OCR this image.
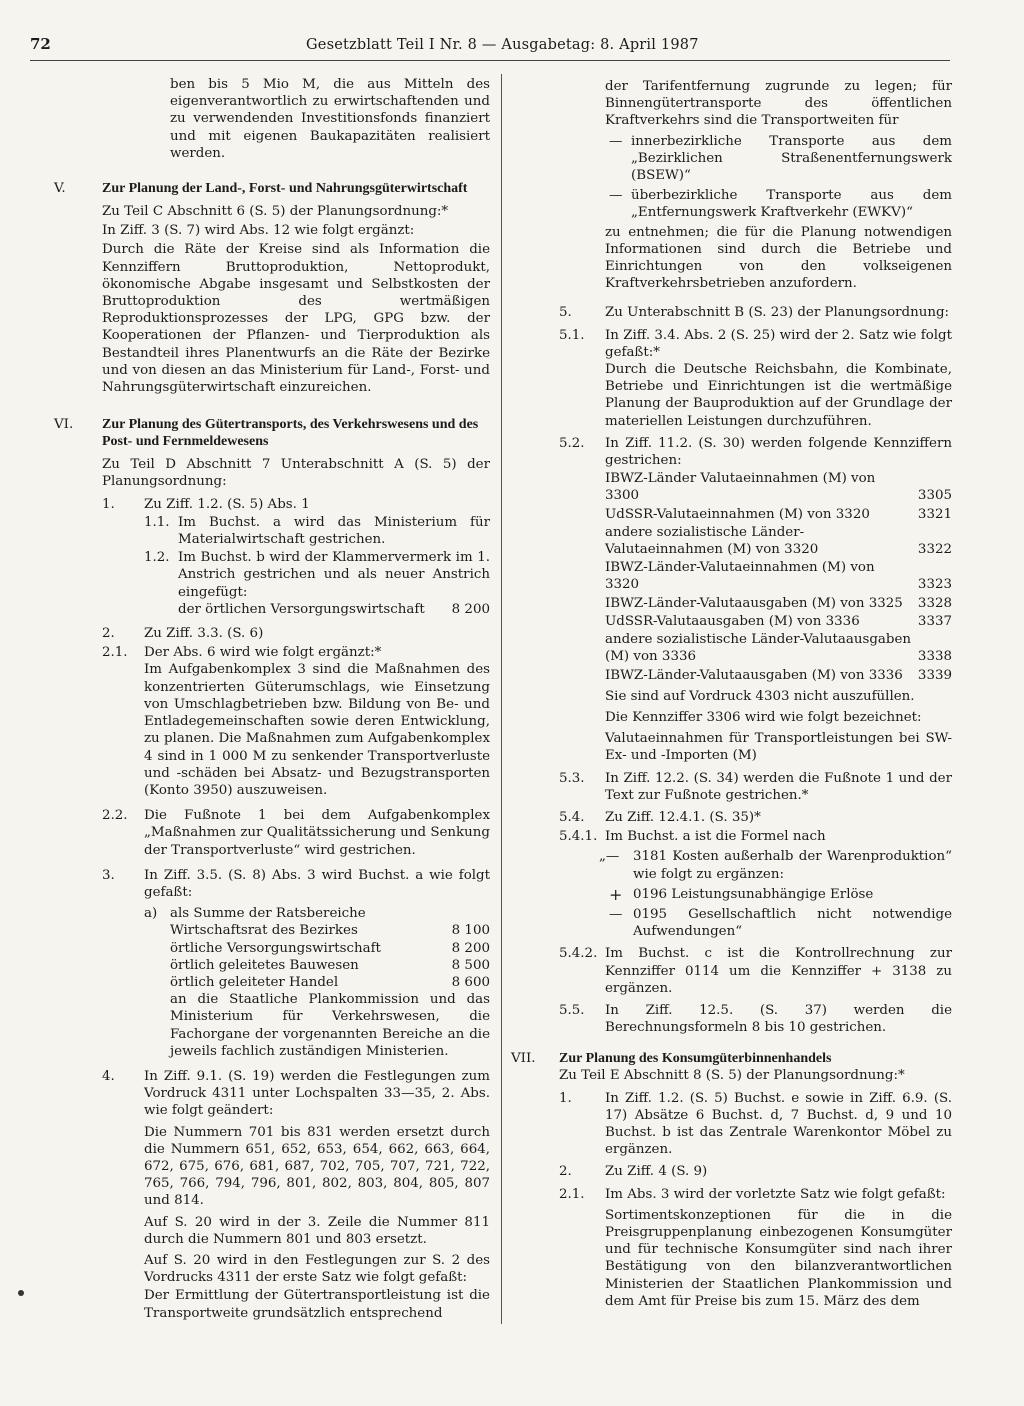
72	Gesetzblatt Teil I Nr. 8 — Ausgabetag: 8. April 1987

ben bis 5 Mio M, die aus Mitteln des eigenverantwortlich zu erwirtschaftenden und zu verwendenden Investitionsfonds finanziert und mit eigenen Baukapazitäten realisiert werden.

V.	Zur Planung der Land-, Forst- und Nahrungsgüterwirtschaft

Zu Teil C Abschnitt 6 (S. 5) der Planungsordnung:*

In Ziff. 3 (S. 7) wird Abs. 12 wie folgt ergänzt:

Durch die Räte der Kreise sind als Information die Kennziffern Bruttoproduktion, Nettoprodukt, ökonomische Abgabe insgesamt und Selbstkosten der Bruttoproduktion des wertmäßigen Reproduktionsprozesses der LPG, GPG bzw. der Kooperationen der Pflanzen- und Tierproduktion als Bestandteil ihres Planentwurfs an die Räte der Bezirke und von diesen an das Ministerium für Land-, Forst- und Nahrungsgüterwirtschaft einzureichen.

VI. Zur Planung des Gütertransports, des Verkehrswesens und des Post- und Fernmeldewesens

Zu Teil D Abschnitt 7 Unterabschnitt A (S. 5) der Planungsordnung:

1. Zu Ziff. 1.2. (S. 5) Abs. 1

1.1. Im Buchst. a wird das Ministerium für Materialwirtschaft gestrichen.

1.2. Im Buchst. b wird der Klammervermerk im 1. Anstrich gestrichen und als neuer Anstrich eingefügt:

der örtlichen Versorgungswirtschaft	8 200
2. Zu Ziff. 3.3. (S. 6)

2.1. Der Abs. 6 wird wie folgt ergänzt:*

Im Aufgabenkomplex 3 sind die Maßnahmen des konzentrierten Güterumschlags, wie Einsetzung von Umschlagbetrieben bzw. Bildung von Be- und Entladegemeinschaften sowie deren Entwicklung, zu planen. Die Maßnahmen zum Aufgabenkomplex 4 sind in 1 000 M zu senkender Transportverluste und -schäden bei Absatz- und Bezugstransporten (Konto 3950) auszuweisen.

2.2. Die Fußnote 1 bei dem Aufgabenkomplex „Maßnahmen zur Qualitätssicherung und Senkung der Transportverluste“ wird gestrichen.

3. In Ziff. 3.5. (S. 8) Abs. 3 wird Buchst. a wie folgt gefaßt:

a) als Summe der Ratsbereiche

Wirtschaftsrat des Bezirkes	8 100
örtliche Versorgungswirtschaft	8 200
örtlich geleitetes Bauwesen	8 500
örtlich geleiteter Handel	8 600

an die Staatliche Plankommission und das Ministerium für Verkehrswesen, die Fachorgane der vorgenannten Bereiche an die jeweils fachlich zuständigen Ministerien.

4. In Ziff. 9.1. (S. 19) werden die Festlegungen zum Vordruck 4311 unter Lochspalten 33—35, 2. Abs. wie folgt geändert:

Die Nummern 701 bis 831 werden ersetzt durch die Nummern 651, 652, 653, 654, 662, 663, 664, 672, 675, 676, 681, 687, 702, 705, 707, 721, 722, 765, 766, 794, 796, 801, 802, 803, 804, 805, 807 und 814.

Auf S. 20 wird in der 3. Zeile die Nummer 811 durch die Nummern 801 und 803 ersetzt.

Auf S. 20 wird in den Festlegungen zur S. 2 des Vordrucks 4311 der erste Satz wie folgt gefaßt:

Der Ermittlung der Gütertransportleistung ist die Transportweite grundsätzlich entsprechend

der Tarifentfernung zugrunde zu legen; für Binnengütertransporte des öffentlichen Kraftverkehrs sind die Transportweiten für

— innerbezirkliche Transporte aus dem „Bezirklichen Straßenentfernungswerk (BSEW)“

— überbezirkliche Transporte aus dem „Entfernungswerk Kraftverkehr (EWKV)“

zu entnehmen; die für die Planung notwendigen Informationen sind durch die Betriebe und Einrichtungen von den volkseigenen Kraftverkehrsbetrieben anzufordern.

5. Zu Unterabschnitt B (S. 23) der Planungsordnung:

5.1. In Ziff. 3.4. Abs. 2 (S. 25) wird der 2. Satz wie folgt gefaßt:*

Durch die Deutsche Reichsbahn, die Kombinate, Betriebe und Einrichtungen ist die wertmäßige Planung der Bauproduktion auf der Grundlage der materiellen Leistungen durchzuführen.

5.2. In Ziff. 11.2. (S. 30) werden folgende Kennziffern gestrichen:

IBWZ-Länder Valutaeinnahmen (M) von 3300	3305
UdSSR-Valutaeinnahmen (M) von 3320	3321
andere sozialistische Länder-Valutaeinnahmen (M) von 3320	3322
IBWZ-Länder-Valutaeinnahmen (M) von 3320	3323
IBWZ-Länder-Valutaausgaben (M) von 3325	3328
UdSSR-Valutaausgaben (M) von 3336	3337
andere sozialistische Länder-Valutaausgaben (M) von 3336	3338
IBWZ-Länder-Valutaausgaben (M) von 3336	3339

Sie sind auf Vordruck 4303 nicht auszufüllen.

Die Kennziffer 3306 wird wie folgt bezeichnet:

Valutaeinnahmen für Transportleistungen bei SW-Ex- und -Importen (M)

5.3. In Ziff. 12.2. (S. 34) werden die Fußnote 1 und der Text zur Fußnote gestrichen.*

5.4. Zu Ziff. 12.4.1. (S. 35)*

5.4.1. Im Buchst. a ist die Formel nach

„— 3181 Kosten außerhalb der Warenproduktion“ wie folgt zu ergänzen:

+ 0196 Leistungsunabhängige Erlöse

— 0195 Gesellschaftlich nicht notwendige Aufwendungen“

5.4.2. Im Buchst. c ist die Kontrollrechnung zur Kennziffer 0114 um die Kennziffer + 3138 zu ergänzen.

5.5. In Ziff. 12.5. (S. 37) werden die Berechnungsformeln 8 bis 10 gestrichen.

VII. Zur Planung des Konsumgüterbinnenhandels

Zu Teil E Abschnitt 8 (S. 5) der Planungsordnung:*

1. In Ziff. 1.2. (S. 5) Buchst. e sowie in Ziff. 6.9. (S. 17) Absätze 6 Buchst. d, 7 Buchst. d, 9 und 10 Buchst. b ist das Zentrale Warenkontor Möbel zu ergänzen.

2. Zu Ziff. 4 (S. 9)

2.1. Im Abs. 3 wird der vorletzte Satz wie folgt gefaßt:

Sortimentskonzeptionen für die in die Preisgruppenplanung einbezogenen Konsumgüter und für technische Konsumgüter sind nach ihrer Bestätigung von den bilanzverantwortlichen Ministerien der Staatlichen Plankommission und dem Amt für Preise bis zum 15. März des dem
